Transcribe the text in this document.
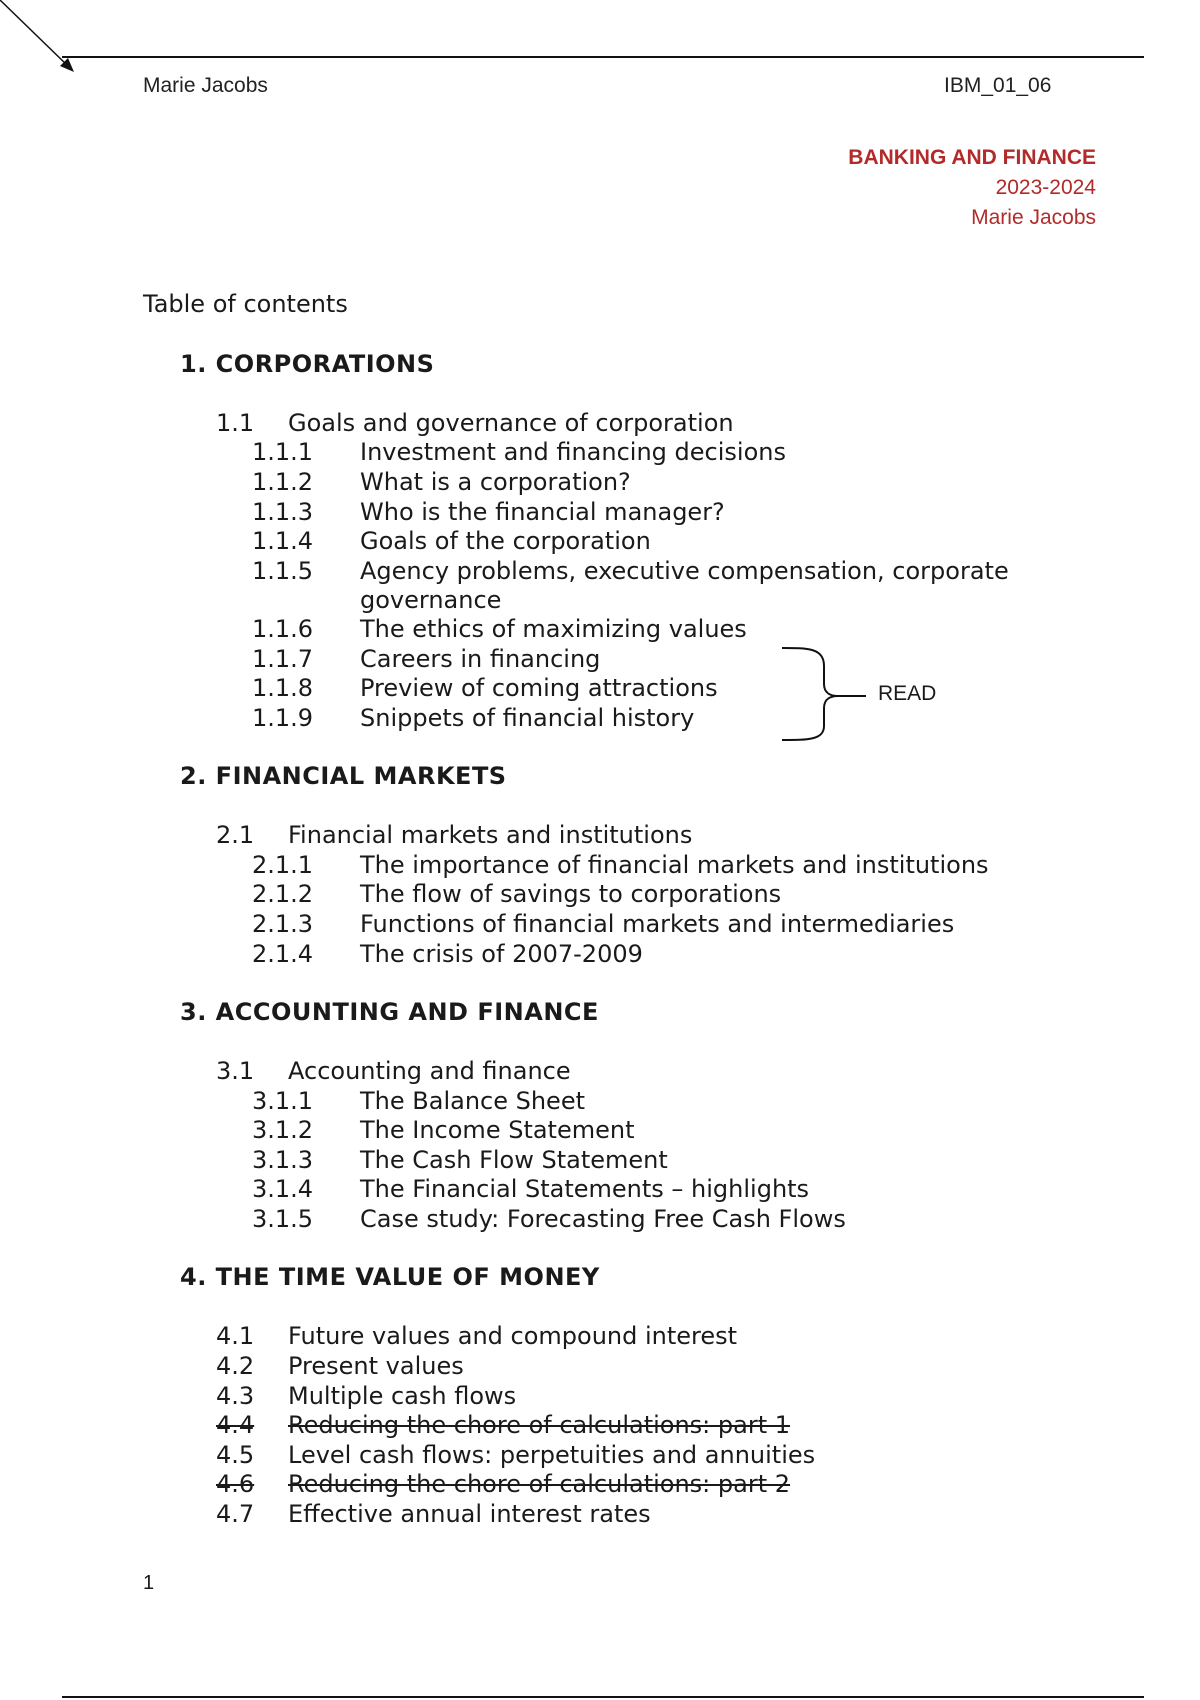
Marie Jacobs	IBM_01_06
BANKING AND FINANCE
2023-2024
Marie Jacobs
Table of contents
1. CORPORATIONS
1.1 Goals and governance of corporation
1.1.1 Investment and financing decisions
1.1.2 What is a corporation?
1.1.3 Who is the financial manager?
1.1.4 Goals of the corporation
1.1.5 Agency problems, executive compensation, corporate governance
1.1.6 The ethics of maximizing values
1.1.7 Careers in financing
1.1.8 Preview of coming attractions
1.1.9 Snippets of financial history
READ
2. FINANCIAL MARKETS
2.1 Financial markets and institutions
2.1.1 The importance of financial markets and institutions
2.1.2 The flow of savings to corporations
2.1.3 Functions of financial markets and intermediaries
2.1.4 The crisis of 2007-2009
3. ACCOUNTING AND FINANCE
3.1 Accounting and finance
3.1.1 The Balance Sheet
3.1.2 The Income Statement
3.1.3 The Cash Flow Statement
3.1.4 The Financial Statements – highlights
3.1.5 Case study: Forecasting Free Cash Flows
4. THE TIME VALUE OF MONEY
4.1 Future values and compound interest
4.2 Present values
4.3 Multiple cash flows
4.4 Reducing the chore of calculations: part 1
4.5 Level cash flows: perpetuities and annuities
4.6 Reducing the chore of calculations: part 2
4.7 Effective annual interest rates
1
